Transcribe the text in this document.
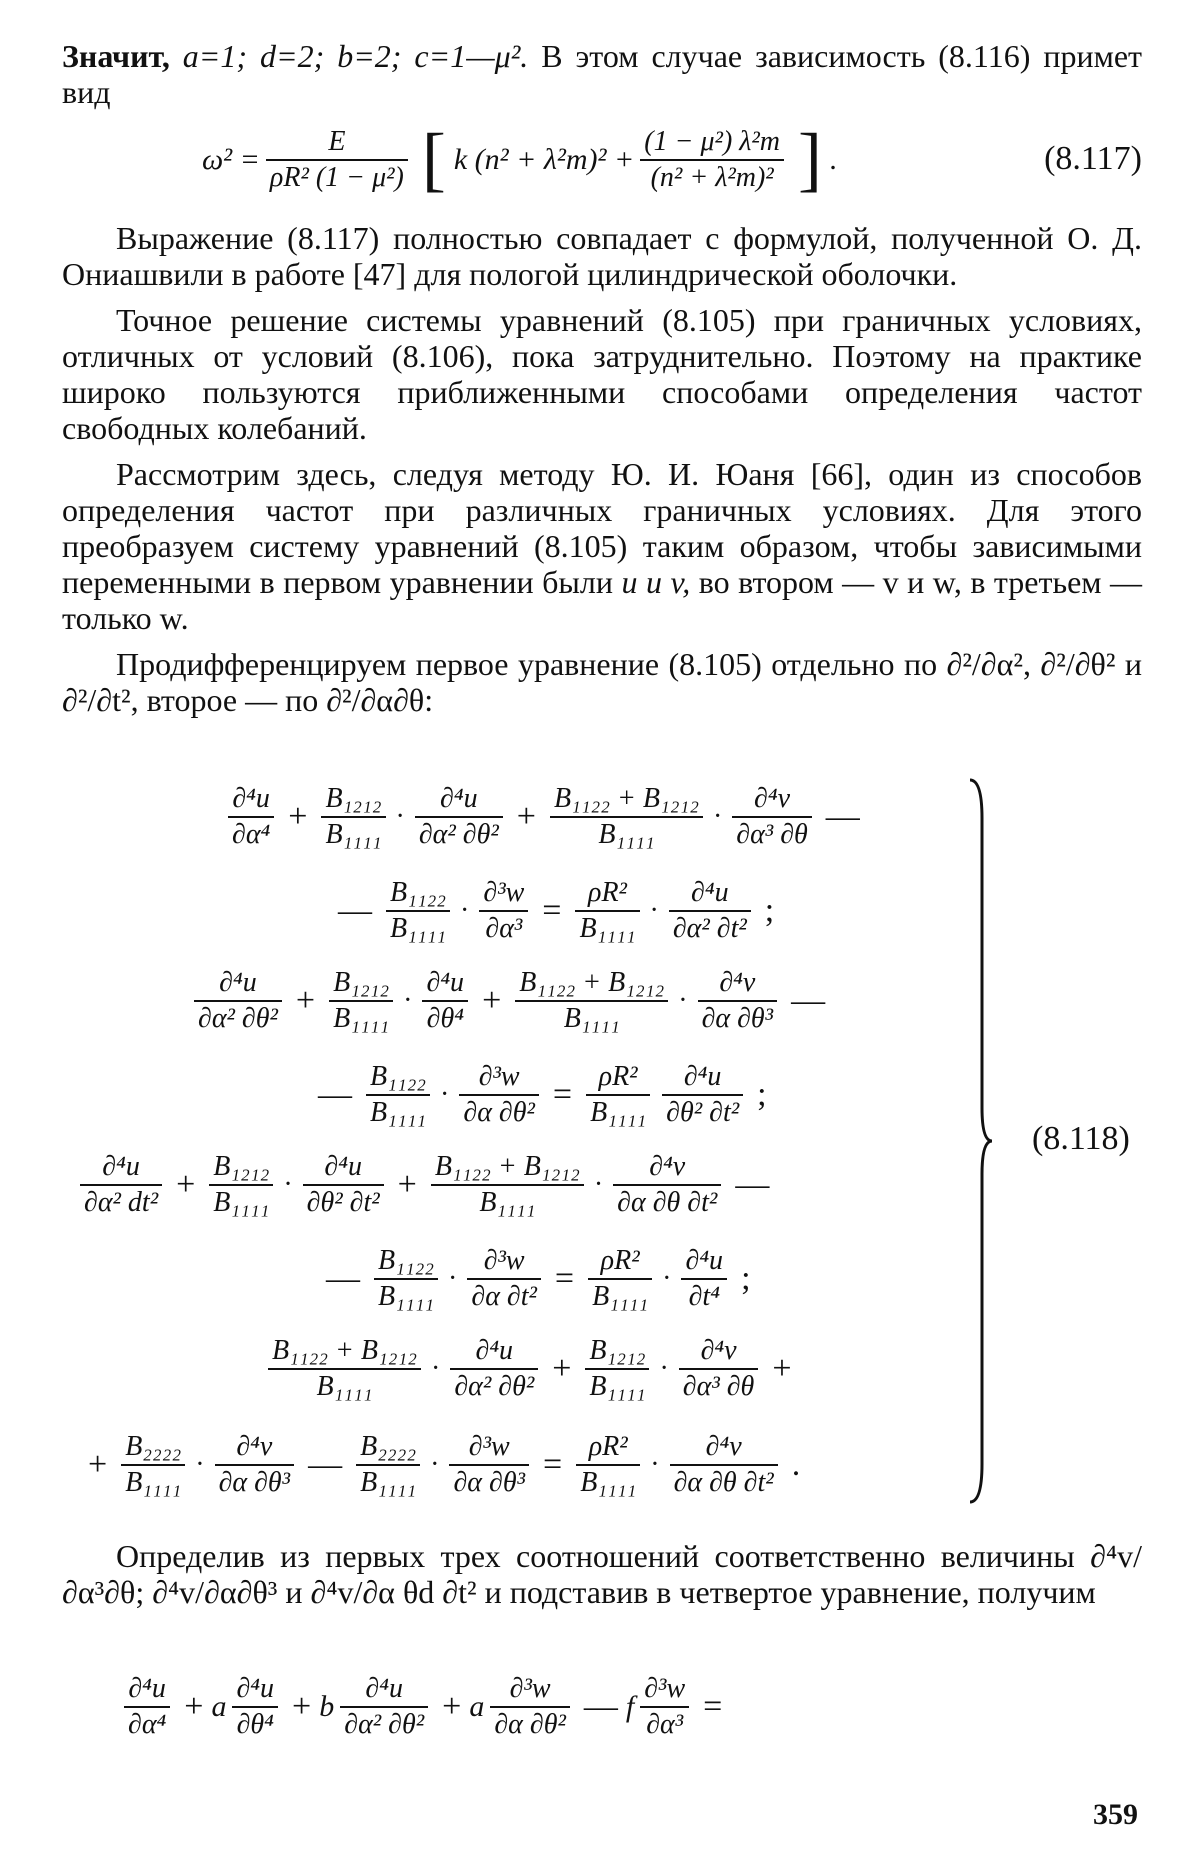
Значит, a=1; d=2; b=2; c=1—μ². В этом случае зависимость (8.116) примет вид

$\omega^2 = \frac{E}{\text{ρR² (1 − μ²)}}$ [ k $(n^2 + \lambda^2m)^2 + \frac{\text{(1 − μ²) λ²m}}{\text{(n² + λ²m)²}}$ ] .	(8.117)

Выражение (8.117) полностью совпадает с формулой, полученной О. Д. Ониашвили в работе [47] для пологой цилиндрической оболочки.

Точное решение системы уравнений (8.105) при граничных условиях, отличных от условий (8.106), пока затруднительно. Поэтому на практике широко пользуются приближенными способами определения частот свободных колебаний.

Рассмотрим здесь, следуя методу Ю. И. Юаня [66], один из способов определения частот при различных граничных условиях. Для этого преобразуем систему уравнений (8.105) таким образом, чтобы зависимыми переменными в первом уравнении были u и v, во втором — v и w, в третьем — только w.

Продифференцируем первое уравнение (8.105) отдельно по ∂²/∂α², ∂²/∂θ² и ∂²/∂t², второе — по ∂²/∂α∂θ:

∂⁴u
$\partial\alpha^4 + \frac{\text{B₁₂₁₂}}{\text{B₁₁₁₁}}$ ·
∂⁴u
∂α² $\partial\theta^2 + \frac{\text{B₁₁₂₂ + B₁₂₁₂}}{\text{B₁₁₁₁}}$ ·
∂⁴v
∂α³ ∂θ —
— B₁₁₂₂
B₁₁₁₁
· $\frac{\text{∂³w}}{\text{∂α³}} = \frac{\text{ρR²}}{\text{B₁₁₁₁}}$ ·
∂⁴u
∂α² ∂t² ;
∂⁴u
∂α² $\partial\theta^2 + \frac{\text{B₁₂₁₂}}{\text{B₁₁₁₁}}$ ·
∂⁴u
$\partial\theta^4 + \frac{\text{B₁₁₂₂ + B₁₂₁₂}}{\text{B₁₁₁₁}}$ ·
∂⁴v
∂α ∂θ³ —
— B₁₁₂₂
B₁₁₁₁
· $\frac{\text{∂³w}}{\text{∂α ∂θ²}} = \frac{\text{ρR²}}{\text{B₁₁₁₁}}$	∂⁴u
∂θ² ∂t² ;
∂⁴u
∂α² $dt^2 + \frac{\text{B₁₂₁₂}}{\text{B₁₁₁₁}}$ ·
∂⁴u
∂θ² $\partial t^2 + \frac{\text{B₁₁₂₂ + B₁₂₁₂}}{\text{B₁₁₁₁}}$ ·
∂⁴v
∂α ∂θ ∂t² —
— B₁₁₂₂
B₁₁₁₁
· $\frac{\text{∂³w}}{\text{∂α ∂t²}} = \frac{\text{ρR²}}{\text{B₁₁₁₁}}$ ·
∂⁴u
∂t⁴ ;
B₁₁₂₂ + B₁₂₁₂
B₁₁₁₁
·
∂⁴u
∂α² $\partial\theta^2 + \frac{\text{B₁₂₁₂}}{\text{B₁₁₁₁}}$ ·
∂⁴v
∂α³ ∂θ +
+ $\frac{\text{B₂₂₂₂}}{\text{B₁₁₁₁}}$ ·
∂⁴v
∂α ∂θ³ — B₂₂₂₂
B₁₁₁₁
· $\frac{\text{∂³w}}{\text{∂α ∂θ³}} = \frac{\text{ρR²}}{\text{B₁₁₁₁}}$ ·
∂⁴v
∂α ∂θ ∂t² .
(8.118)

Определив из первых трех соотношений соответственно величины ∂⁴v/∂α³∂θ; ∂⁴v/∂α∂θ³ и ∂⁴v/∂α θd ∂t² и подставив в четвертое уравнение, получим

∂⁴u
∂α⁴ + a
∂⁴u
∂θ⁴ + b
∂⁴u
∂α² ∂θ² + a
∂³w
∂α ∂θ² — f $\frac{\text{∂³w}}{\text{∂α³}}$ =
359
